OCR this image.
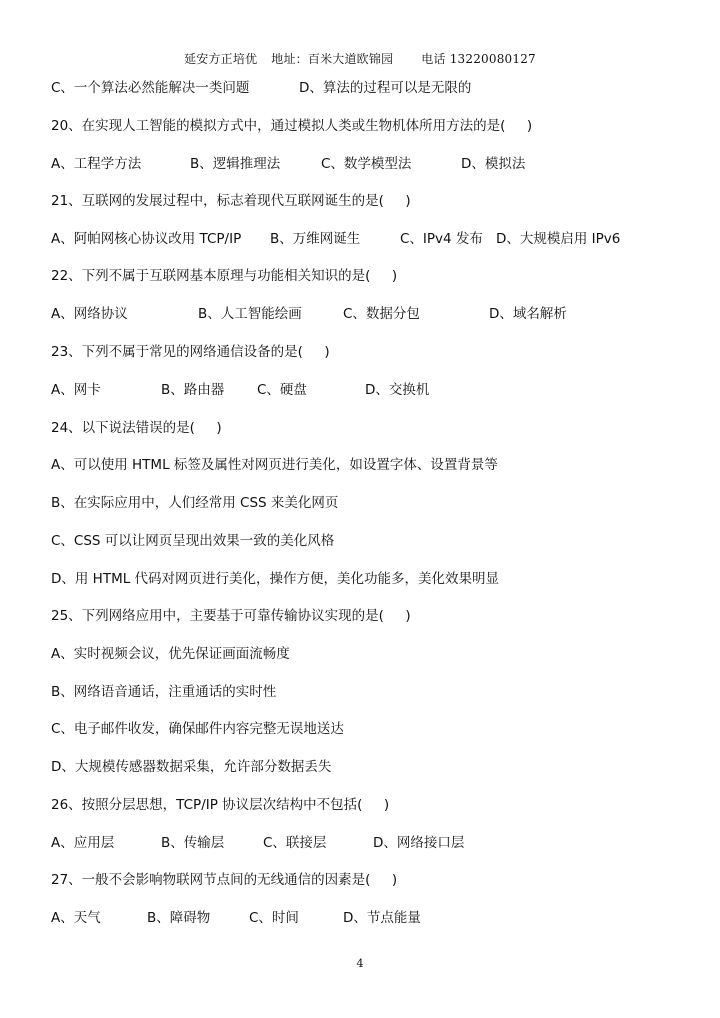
延安方正培优 地址：百米大道欧锦园 电话 13220080127
C、一个算法必然能解决一类问题	D、算法的过程可以是无限的
20、在实现人工智能的模拟方式中，通过模拟人类或生物机体所用方法的是(     )
A、工程学方法	B、逻辑推理法	C、数学模型法	D、模拟法
21、互联网的发展过程中，标志着现代互联网诞生的是(     )
A、阿帕网核心协议改用 TCP/IP B、万维网诞生	C、IPv4 发布 D、大规模启用 IPv6
22、下列不属于互联网基本原理与功能相关知识的是(     )
A、网络协议	B、人工智能绘画	C、数据分包	D、域名解析
23、下列不属于常见的网络通信设备的是(     )
A、网卡	B、路由器 C、硬盘	D、交换机
24、以下说法错误的是(     )
A、可以使用 HTML 标签及属性对网页进行美化，如设置字体、设置背景等
B、在实际应用中，人们经常用 CSS 来美化网页
C、CSS 可以让网页呈现出效果一致的美化风格
D、用 HTML 代码对网页进行美化，操作方便，美化功能多，美化效果明显
25、下列网络应用中，主要基于可靠传输协议实现的是(     )
A、实时视频会议，优先保证画面流畅度
B、网络语音通话，注重通话的实时性
C、电子邮件收发，确保邮件内容完整无误地送达
D、大规模传感器数据采集，允许部分数据丢失
26、按照分层思想，TCP/IP 协议层次结构中不包括(     )
A、应用层	B、传输层	C、联接层	D、网络接口层
27、一般不会影响物联网节点间的无线通信的因素是(     )
A、天气	B、障碍物	C、时间	D、节点能量
4
